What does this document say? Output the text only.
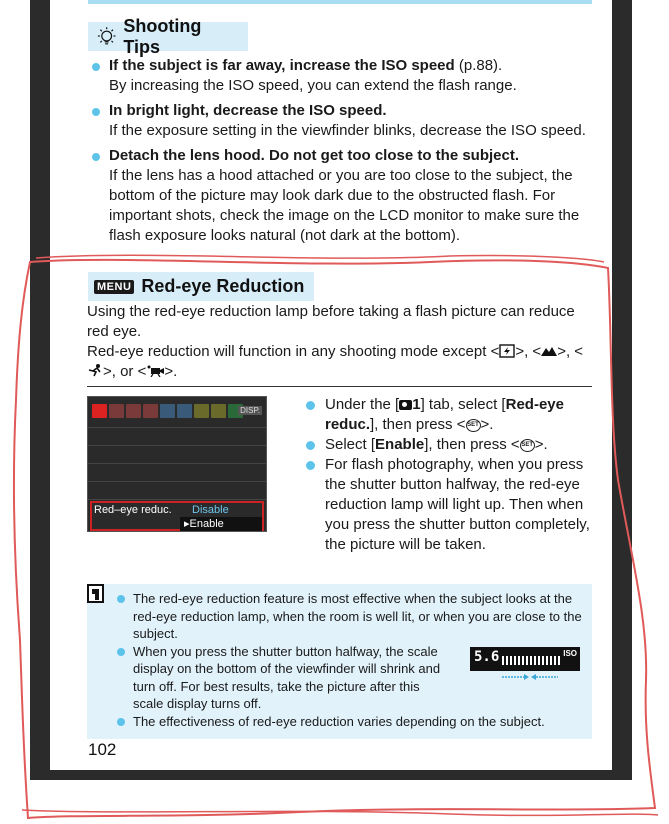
Shooting Tips
If the subject is far away, increase the ISO speed (p.88).
By increasing the ISO speed, you can extend the flash range.
In bright light, decrease the ISO speed.
If the exposure setting in the viewfinder blinks, decrease the ISO speed.
Detach the lens hood. Do not get too close to the subject.
If the lens has a hood attached or you are too close to the subject, the bottom of the picture may look dark due to the obstructed flash. For important shots, check the image on the LCD monitor to make sure the flash exposure looks natural (not dark at the bottom).
MENU Red-eye Reduction
Using the red-eye reduction lamp before taking a flash picture can reduce red eye.
Red-eye reduction will function in any shooting mode except < >, < >, <>, or < >.
DISP.
Red–eye reduc. Disable
▸Enable
Under the [ 1] tab, select [Red-eye reduc.], then press < SET >.
Select [Enable], then press < SET >.
For flash photography, when you press the shutter button halfway, the red-eye reduction lamp will light up. Then when you press the shutter button completely, the picture will be taken.
The red-eye reduction feature is most effective when the subject looks at the red-eye reduction lamp, when the room is well lit, or when you are close to the subject.
When you press the shutter button halfway, the scale display on the bottom of the viewfinder will shrink and turn off. For best results, take the picture after this scale display turns off.
The effectiveness of red-eye reduction varies depending on the subject.
5.6	ISO
102
